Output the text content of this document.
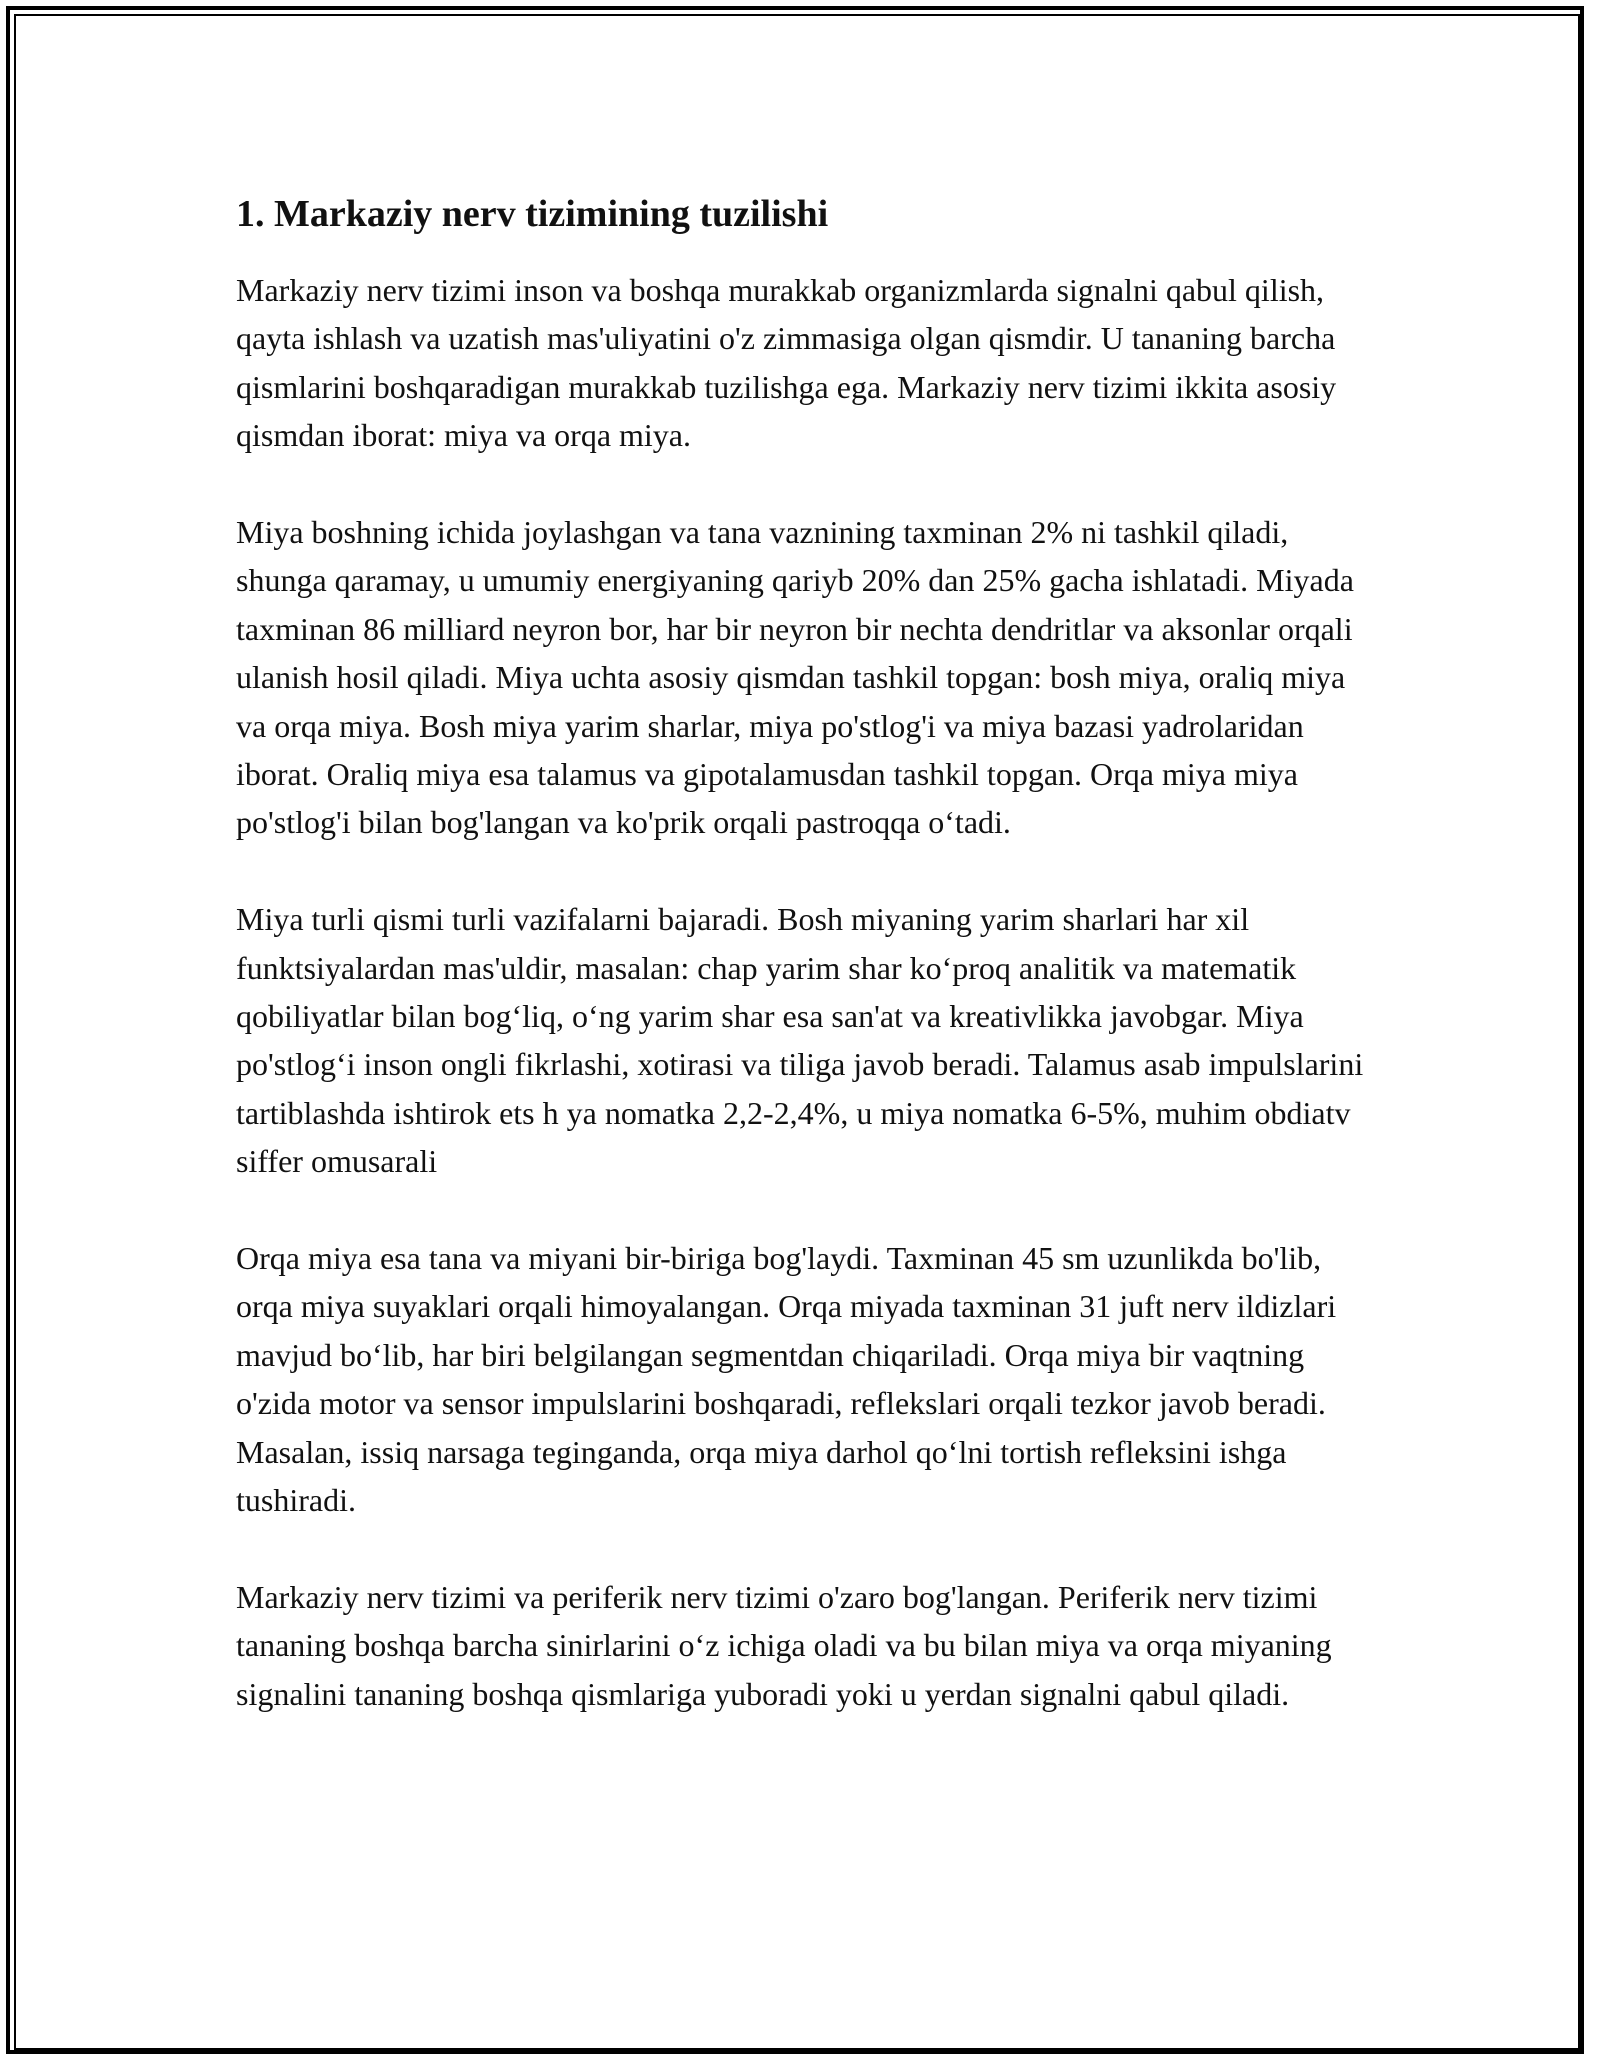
1. Markaziy nerv tizimining tuzilishi

Markaziy nerv tizimi inson va boshqa murakkab organizmlarda signalni qabul qilish, qayta ishlash va uzatish mas'uliyatini o'z zimmasiga olgan qismdir. U tananing barcha qismlarini boshqaradigan murakkab tuzilishga ega. Markaziy nerv tizimi ikkita asosiy qismdan iborat: miya va orqa miya.

Miya boshning ichida joylashgan va tana vaznining taxminan 2% ni tashkil qiladi, shunga qaramay, u umumiy energiyaning qariyb 20% dan 25% gacha ishlatadi. Miyada taxminan 86 milliard neyron bor, har bir neyron bir nechta dendritlar va aksonlar orqali ulanish hosil qiladi. Miya uchta asosiy qismdan tashkil topgan: bosh miya, oraliq miya va orqa miya. Bosh miya yarim sharlar, miya po'stlog'i va miya bazasi yadrolaridan iborat. Oraliq miya esa talamus va gipotalamusdan tashkil topgan. Orqa miya miya po'stlog'i bilan bog'langan va ko'prik orqali pastroqqa o‘tadi.

Miya turli qismi turli vazifalarni bajaradi. Bosh miyaning yarim sharlari har xil funktsiyalardan mas'uldir, masalan: chap yarim shar ko‘proq analitik va matematik qobiliyatlar bilan bog‘liq, o‘ng yarim shar esa san'at va kreativlikka javobgar. Miya po'stlog‘i inson ongli fikrlashi, xotirasi va tiliga javob beradi. Talamus asab impulslarini tartiblashda ishtirok ets h ya nomatka 2,2-2,4%, u miya nomatka 6-5%, muhim obdiatv siffer omusarali

Orqa miya esa tana va miyani bir-biriga bog'laydi. Taxminan 45 sm uzunlikda bo'lib, orqa miya suyaklari orqali himoyalangan. Orqa miyada taxminan 31 juft nerv ildizlari mavjud bo‘lib, har biri belgilangan segmentdan chiqariladi. Orqa miya bir vaqtning o'zida motor va sensor impulslarini boshqaradi, reflekslari orqali tezkor javob beradi. Masalan, issiq narsaga teginganda, orqa miya darhol qo‘lni tortish refleksini ishga tushiradi.

Markaziy nerv tizimi va periferik nerv tizimi o'zaro bog'langan. Periferik nerv tizimi tananing boshqa barcha sinirlarini o‘z ichiga oladi va bu bilan miya va orqa miyaning signalini tananing boshqa qismlariga yuboradi yoki u yerdan signalni qabul qiladi.
